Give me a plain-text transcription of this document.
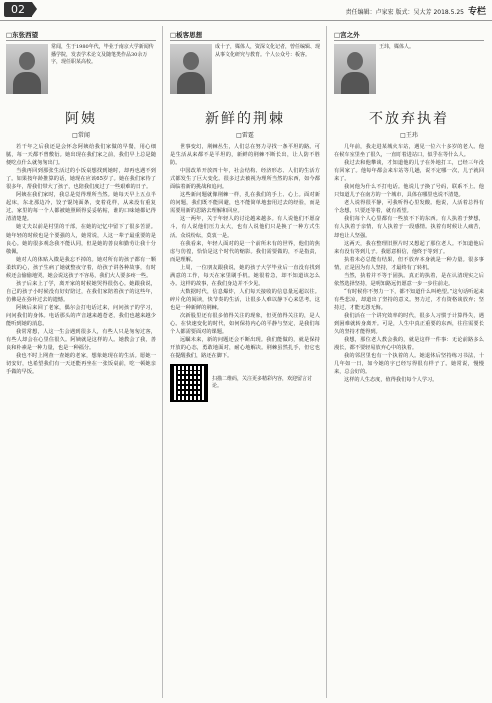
02	责任编辑：卢家宏 版式：吴大芳 2018.5.25 专栏
□东张西望
常闻，生于1980年代，毕业于南京大学新闻传播学院，发表学术论文及随笔类作品30余万字，现任职某高校。
阿姨
□常闻

若干年之后我还是会怀念阿姨给我们家做的早餐，用心细腻，每一天都不曾敷衍。她出现在我们家之前，我们早上总是随便吃点什么就匆匆出门。

当我再回到那张生活过的小饭桌想找到她时，却再也遇不到了。如果按年龄推算的话，她现在应该65岁了。她在我们家待了很多年，帮我们带大了孩子，也陪我们度过了一些艰难的日子。

阿姨在我们家时，我总是觉得理所当然。她每天早上五点半起床，东北那边冷，饺子馄饨面条，变着花样，从来没有重复过。家里的每一个人都被她照顾得妥妥帖帖，谁的口味她都记得清清楚楚。

她丈夫以前是村里的干部，在她的记忆中留下了很多苦涩。她年轻的时候也是个要强的人，她常说，人这一辈子最重要的是良心。她的很多观念我不能认同，但是她的善良和勤劳让我十分敬佩。

她对人的体贴入微是我忘不掉的。她对所有的孩子都有一颗柔软的心，孩子生病了她就整夜守着，给孩子讲各种故事，有时候还会偷偷地哭。她会说这孩子不容易，我们大人要多疼一些。

孩子后来上了学，离开家的时候她哭得很伤心。她跟我说，自己的孩子小时候没有好好陪过，在我们家陪着孩子的这些年，仿佛是在弥补过去的遗憾。

阿姨后来回了老家，偶尔会打电话过来，问问孩子的学习，问问我们的身体。电话那头的声音越来越苍老，我们也越来越少能听到她的消息。

我常常想，人这一生会遇到很多人，有些人只是匆匆过客，有些人却会在心里住很久。阿姨就是这样的人。她教会了我，善良和朴素是一种力量，也是一种福分。

我也不时上网查一查她的老家，想象她现在的生活。愿她一切安好，也希望我们有一天还能再坐在一张饭桌前，吃一顿她亲手做的早饭。

□板客思想
成十子，媒体人，资深文化记者，曾任编辑、现从事文化研究与教育。个人公众号：板客。
新鲜的荆棘
□雷霆

世事变幻，荆棘丛生，人们总在努力寻找一条平坦的路。可是生活从来都不是平坦的，新鲜的荆棘不断长出，让人防不胜防。

中国改革开放四十年，社会结构、经济形态、人们的生活方式都发生了巨大变化。很多过去被视为理所当然的东西，如今都面临着新的挑战和追问。

这些新问题就像荆棘一样，扎在我们的手上、心上。面对新的问题，我们既不能回避，也不能简单地套用过去的经验，而是需要用新的思路去理解和回应。

这一两年，关于年轻人的讨论越来越多。有人说他们不愿奋斗，有人说他们压力太大，也有人说他们只是换了一种方式生活。众说纷纭，莫衷一是。

在我看来，年轻人面对的是一个前所未有的世界，他们的焦虑与彷徨，恰恰是这个时代的缩影。我们需要做的，不是指责，而是理解。

上周，一位朋友跟我说，她的孩子大学毕业后一直没有找到满意的工作，每天在家里刷手机。她很着急，却不知道该怎么办。这样的故事，在我们身边并不少见。

大数据时代，信息爆炸，人们每天接收的信息量远超以往。碎片化的阅读，快节奏的生活，让很多人难以静下心来思考。这也是一种新鲜的荆棘。

次新股里还有很多值得关注的现象，但更值得关注的，是人心。在快速变化的时代，如何保持内心的平静与坚定，是我们每个人都需要面对的课题。

远瞩未来，新的问题还会不断出现。我们能做的，就是保持开放的心态，勇敢地面对，耐心地解决。荆棘虽然扎手，但它也在提醒我们，路还在脚下。

扫描二维码，关注更多精彩内容，欢迎留言讨论。
□宫之外
王玮，媒体人。
不放弃执着
□王玮

几年前，我走进某城火车站，遇见一位六十多岁的老人。他在候车室里坐了很久，一直盯着进站口，似乎在等什么人。

我过去和他攀谈，才知道他的儿子在外地打工，已经三年没有回家了。他每年都会来车站等几趟，说不定哪一次，儿子就回来了。

我问他为什么不打电话。他说儿子换了号码，联系不上。他只知道儿子在南方的一个城市，具体在哪里也说不清楚。

老人说得很平静，可我听得心里发酸。他说，人活着总得有个念想，只要还等着，就有希望。

我们每个人心里都有一些放不下的东西。有人执着于梦想，有人执着于亲情，有人执着于一段感情。执着有时候让人痛苦，却也让人坚强。

这两天，我在整理旧照片时又想起了那位老人。不知道他后来有没有等到儿子。我愿意相信，他终于等到了。

执着未必总能有结果，但不放弃本身就是一种力量。很多事情，正是因为有人坚持，才最终有了转机。

当然，执着并不等于固执。真正的执着，是在认清现实之后依然选择坚持，是明知路远仍愿意一步一步往前走。

“有时候你不努力一下，都不知道什么叫绝望。”这句话听起来有些悲凉，却道出了坚持的意义。努力过，才有资格谈放弃；坚持过，才能无怨无悔。

我们活在一个讲究效率的时代，很多人习惯于计算得失，遇到困难就转身离开。可是，人生中真正重要的东西，往往需要长久的坚持才能得到。

我想，那位老人教会我的，就是这样一件事：无论前路多么漫长，都不要轻易放弃心中的执着。

我的邻居里也有一个执着的人。她退休后坚持练习书法，十几年如一日，如今她的字已经写得很有样子了。她常说，慢慢来，总会好的。

这样的人生态度，值得我们每个人学习。
